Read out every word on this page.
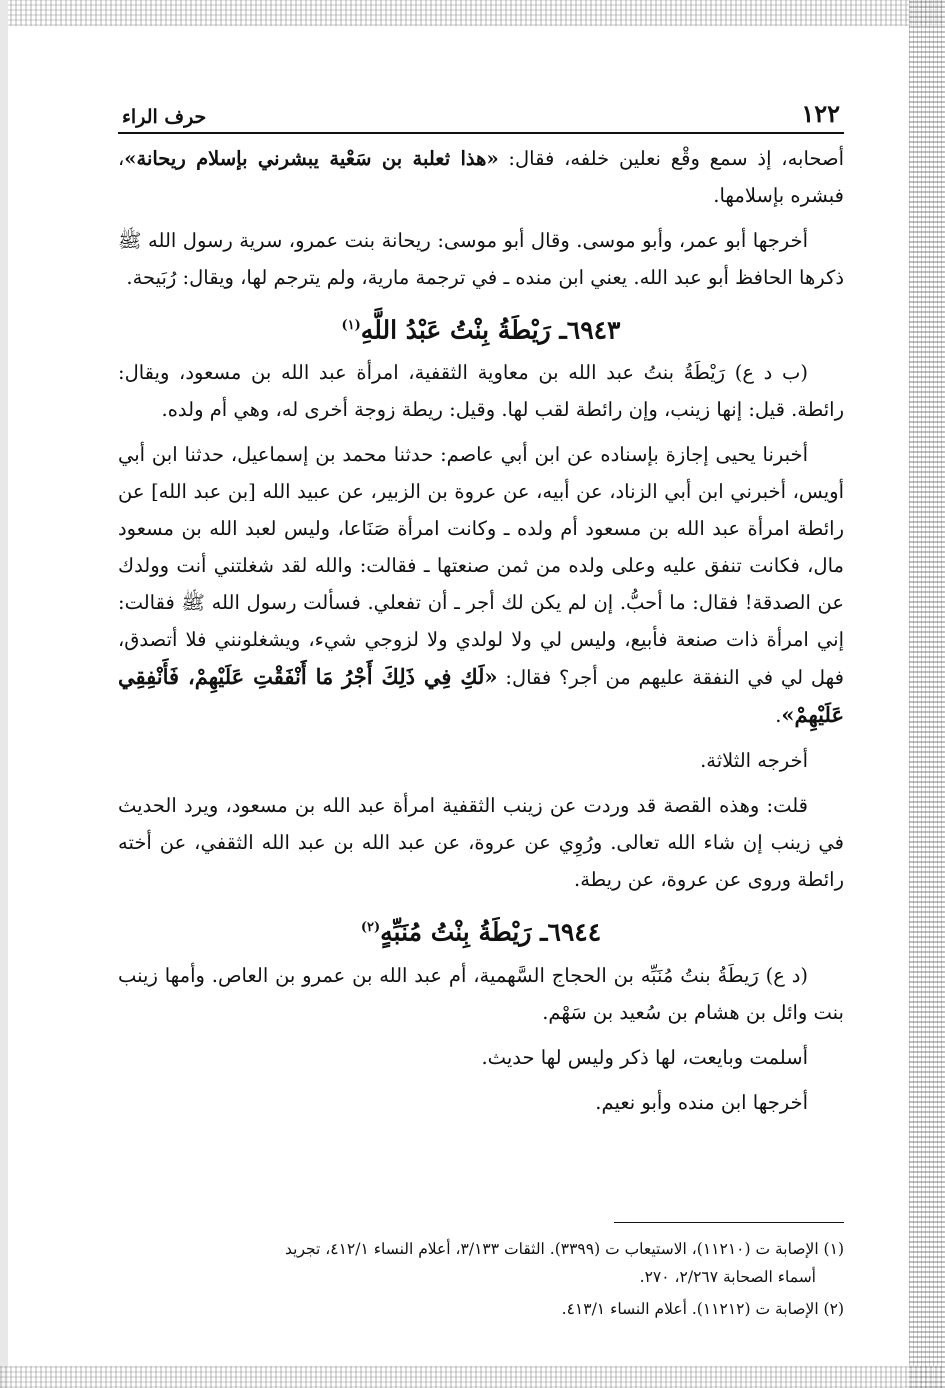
١٢٢
حرف الراء

أصحابه، إذ سمع وقْع نعلين خلفه، فقال: «هذا ثعلبة بن سَعْية يبشرني بإسلام ريحانة»، فبشره بإسلامها.

أخرجها أبو عمر، وأبو موسى. وقال أبو موسى: ريحانة بنت عمرو، سرية رسول الله ﷺ ذكرها الحافظ أبو عبد الله. يعني ابن منده ـ في ترجمة مارية، ولم يترجم لها، ويقال: رُبَيحة.

٦٩٤٣ـ رَيْطَةُ بِنْتُ عَبْدُ اللَّهِ$^{(١)}$

(ب د ع) رَيْطَةُ بنتُ عبد الله بن معاوية الثقفية، امرأة عبد الله بن مسعود، ويقال: رائطة. قيل: إنها زينب، وإن رائطة لقب لها. وقيل: ريطة زوجة أخرى له، وهي أم ولده.

أخبرنا يحيى إجازة بإسناده عن ابن أبي عاصم: حدثنا محمد بن إسماعيل، حدثنا ابن أبي أويس، أخبرني ابن أبي الزناد، عن أبيه، عن عروة بن الزبير، عن عبيد الله [بن عبد الله] عن رائطة امرأة عبد الله بن مسعود أم ولده ـ وكانت امرأة صَنَاعا، وليس لعبد الله بن مسعود مال، فكانت تنفق عليه وعلى ولده من ثمن صنعتها ـ فقالت: والله لقد شغلتني أنت وولدك عن الصدقة! فقال: ما أحبُّ. إن لم يكن لك أجر ـ أن تفعلي. فسألت رسول الله ﷺ فقالت: إني امرأة ذات صنعة فأبيع، وليس لي ولا لولدي ولا لزوجي شيء، ويشغلونني فلا أتصدق، فهل لي في النفقة عليهم من أجر؟ فقال: «لَكِ فِي ذَلِكَ أَجْرُ مَا أَنْفَقْتِ عَلَيْهِمْ، فَأَنْفِقِي عَلَيْهِمْ».

أخرجه الثلاثة.

قلت: وهذه القصة قد وردت عن زينب الثقفية امرأة عبد الله بن مسعود، ويرد الحديث في زينب إن شاء الله تعالى. ورُوِي عن عروة، عن عبد الله بن عبد الله الثقفي، عن أخته رائطة وروى عن عروة، عن ريطة.

٦٩٤٤ـ رَيْطَةُ بِنْتُ مُنَبِّهٍ$^{(٢)}$

(د ع) رَيطَةُ بنتُ مُنَبِّه بن الحجاج السَّهمية، أم عبد الله بن عمرو بن العاص. وأمها زينب بنت وائل بن هشام بن سُعيد بن سَهْم.

أسلمت وبايعت، لها ذكر وليس لها حديث.

أخرجها ابن منده وأبو نعيم.

(١) الإصابة ت (١١٢١٠)، الاستيعاب ت (٣٣٩٩). الثقات ٣/١٣٣، أعلام النساء ٤١٢/١، تجريد

أسماء الصحابة ٢/٢٦٧، ٢٧٠.

(٢) الإصابة ت (١١٢١٢). أعلام النساء ٤١٣/١.
